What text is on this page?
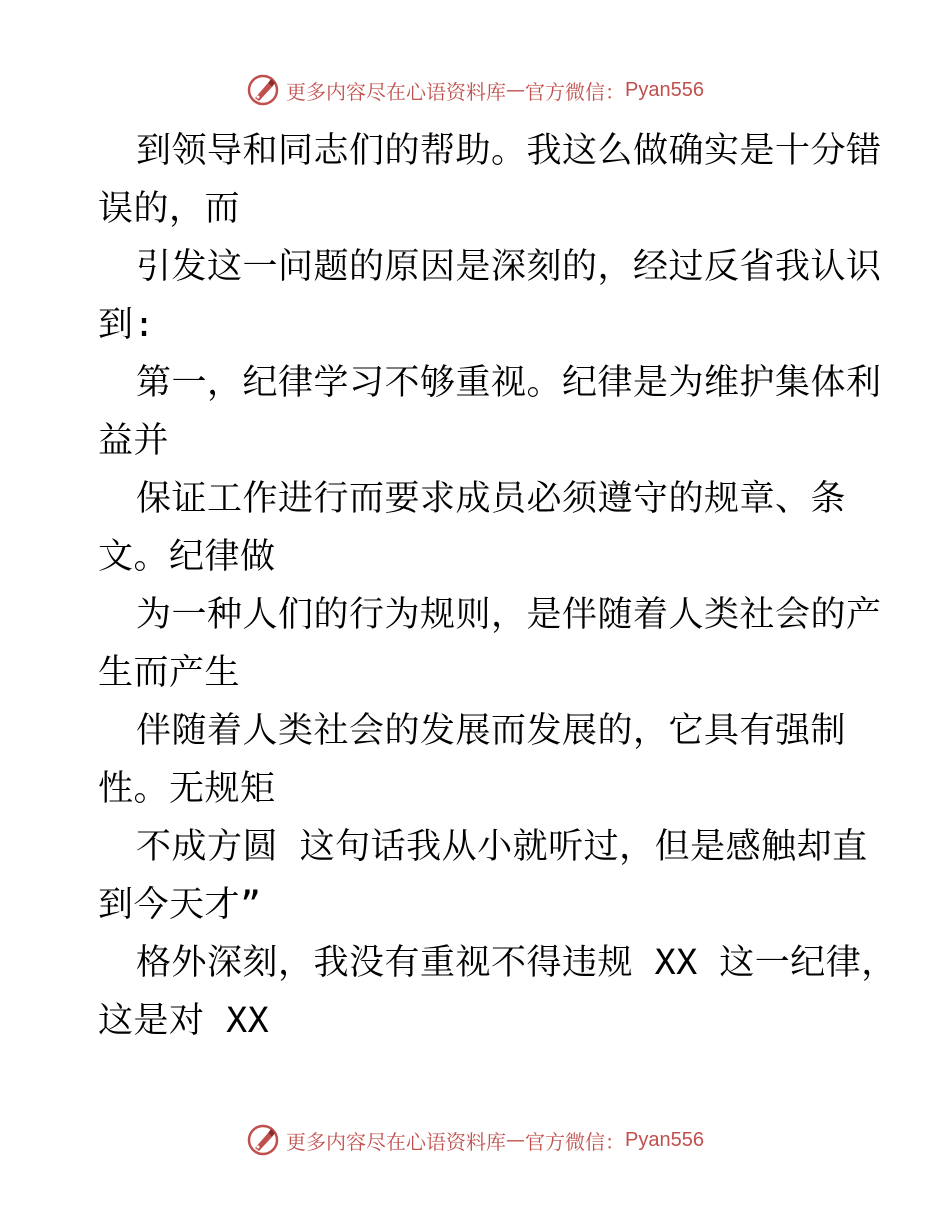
更多内容尽在心语资料库 — 官方微信： Pyan556
到领导和同志们的帮助。我这么做确实是十分错
误的，而
引发这一问题的原因是深刻的，经过反省我认识
到:
第一，纪律学习不够重视。纪律是为维护集体利
益并
保证工作进行而要求成员必须遵守的规章、条
文。纪律做
为一种人们的行为规则，是伴随着人类社会的产
生而产生
伴随着人类社会的发展而发展的，它具有强制
性。无规矩
不成方圆 这句话我从小就听过，但是感触却直
到今天才”
格外深刻，我没有重视不得违规 XX 这一纪律，
这是对 XX
更多内容尽在心语资料库 — 官方微信： Pyan556
